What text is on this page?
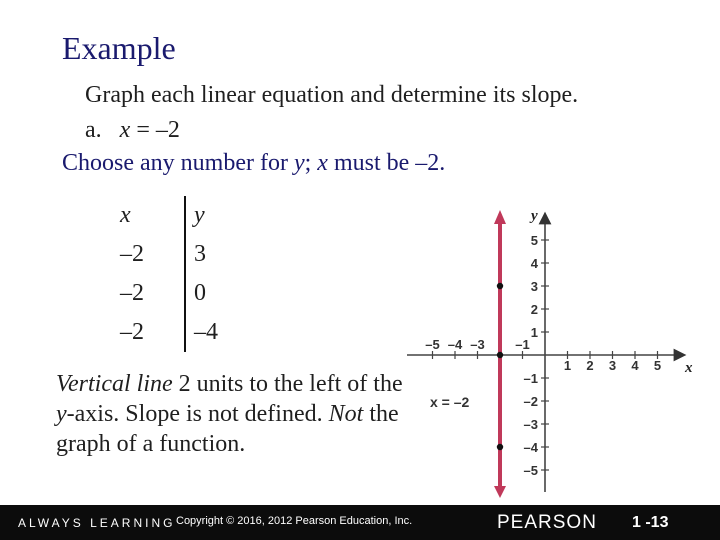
Example
Graph each linear equation and determine its slope.
a. x = –2
Choose any number for y; x must be –2.
x	y
–2	3
–2	0
–2	–4
Vertical line 2 units to the left of the y-axis. Slope is not defined. Not the graph of a function.
–5 –4 –3 –1
1 2 3 4 5
5
4
3
2
1
–1
–2
–3
–4
–5
x
y
x = –2
ALWAYS LEARNING Copyright © 2016, 2012 Pearson Education, Inc.	PEARSON 1 -13
